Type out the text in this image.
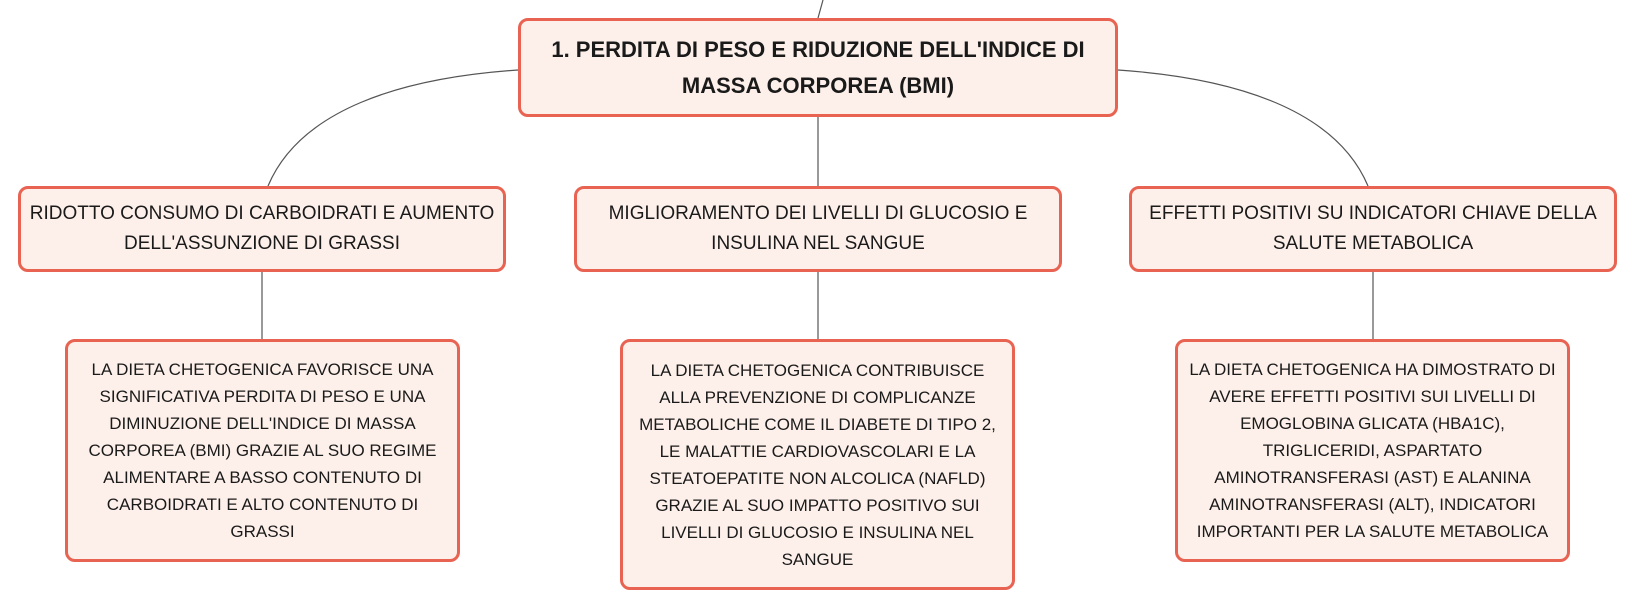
1. PERDITA DI PESO E RIDUZIONE DELL'INDICE DI MASSA CORPOREA (BMI)
RIDOTTO CONSUMO DI CARBOIDRATI E AUMENTO DELL'ASSUNZIONE DI GRASSI
MIGLIORAMENTO DEI LIVELLI DI GLUCOSIO E INSULINA NEL SANGUE
EFFETTI POSITIVI SU INDICATORI CHIAVE DELLA SALUTE METABOLICA
LA DIETA CHETOGENICA FAVORISCE UNA SIGNIFICATIVA PERDITA DI PESO E UNA DIMINUZIONE DELL'INDICE DI MASSA CORPOREA (BMI) GRAZIE AL SUO REGIME ALIMENTARE A BASSO CONTENUTO DI CARBOIDRATI E ALTO CONTENUTO DI GRASSI
LA DIETA CHETOGENICA CONTRIBUISCE ALLA PREVENZIONE DI COMPLICANZE METABOLICHE COME IL DIABETE DI TIPO 2, LE MALATTIE CARDIOVASCOLARI E LA STEATOEPATITE NON ALCOLICA (NAFLD) GRAZIE AL SUO IMPATTO POSITIVO SUI LIVELLI DI GLUCOSIO E INSULINA NEL SANGUE
LA DIETA CHETOGENICA HA DIMOSTRATO DI AVERE EFFETTI POSITIVI SUI LIVELLI DI EMOGLOBINA GLICATA (HBA1C), TRIGLICERIDI, ASPARTATO AMINOTRANSFERASI (AST) E ALANINA AMINOTRANSFERASI (ALT), INDICATORI IMPORTANTI PER LA SALUTE METABOLICA
